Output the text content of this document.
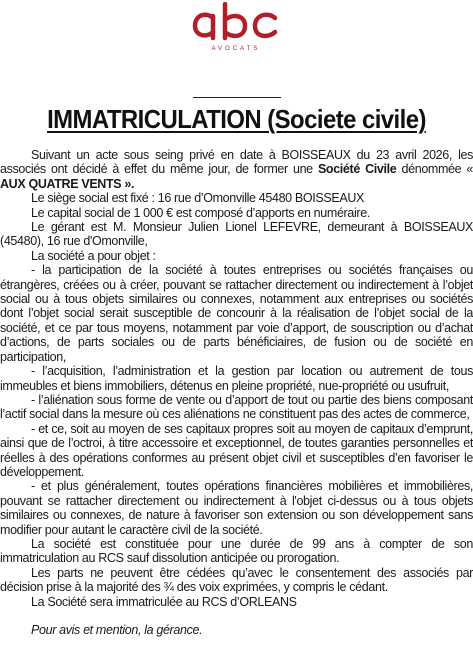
AVOCATS
IMMATRICULATION (Societe civile)

Suivant un acte sous seing privé en date à BOISSEAUX du 23 avril 2026, les associés ont décidé à effet du même jour, de former une Société Civile dénommée « AUX QUATRE VENTS ».

Le siège social est fixé : 16 rue d’Omonville 45480 BOISSEAUX

Le capital social de 1 000 € est composé d’apports en numéraire.

Le gérant est M. Monsieur Julien Lionel LEFEVRE, demeurant à BOISSEAUX (45480), 16 rue d'Omonville,

La société a pour objet :

- la participation de la société à toutes entreprises ou sociétés françaises ou étrangères, créées ou à créer, pouvant se rattacher directement ou indirectement à l’objet social ou à tous objets similaires ou connexes, notamment aux entreprises ou sociétés dont l’objet social serait susceptible de concourir à la réalisation de l’objet social de la société, et ce par tous moyens, notamment par voie d’apport, de souscription ou d’achat d’actions, de parts sociales ou de parts bénéficiaires, de fusion ou de société en participation,

- l’acquisition, l’administration et la gestion par location ou autrement de tous immeubles et biens immobiliers, détenus en pleine propriété, nue-propriété ou usufruit,

- l’aliénation sous forme de vente ou d’apport de tout ou partie des biens composant l’actif social dans la mesure où ces aliénations ne constituent pas des actes de commerce,

- et ce, soit au moyen de ses capitaux propres soit au moyen de capitaux d’emprunt, ainsi que de l’octroi, à titre accessoire et exceptionnel, de toutes garanties personnelles et réelles à des opérations conformes au présent objet civil et susceptibles d’en favoriser le développement.

- et plus généralement, toutes opérations financières mobilières et immobilières, pouvant se rattacher directement ou indirectement à l'objet ci-dessus ou à tous objets similaires ou connexes, de nature à favoriser son extension ou son développement sans modifier pour autant le caractère civil de la société.

La société est constituée pour une durée de 99 ans à compter de son immatriculation au RCS sauf dissolution anticipée ou prorogation.

Les parts ne peuvent être cédées qu’avec le consentement des associés par décision prise à la majorité des ¾ des voix exprimées, y compris le cédant.

La Société sera immatriculée au RCS d’ORLEANS

Pour avis et mention, la gérance.
